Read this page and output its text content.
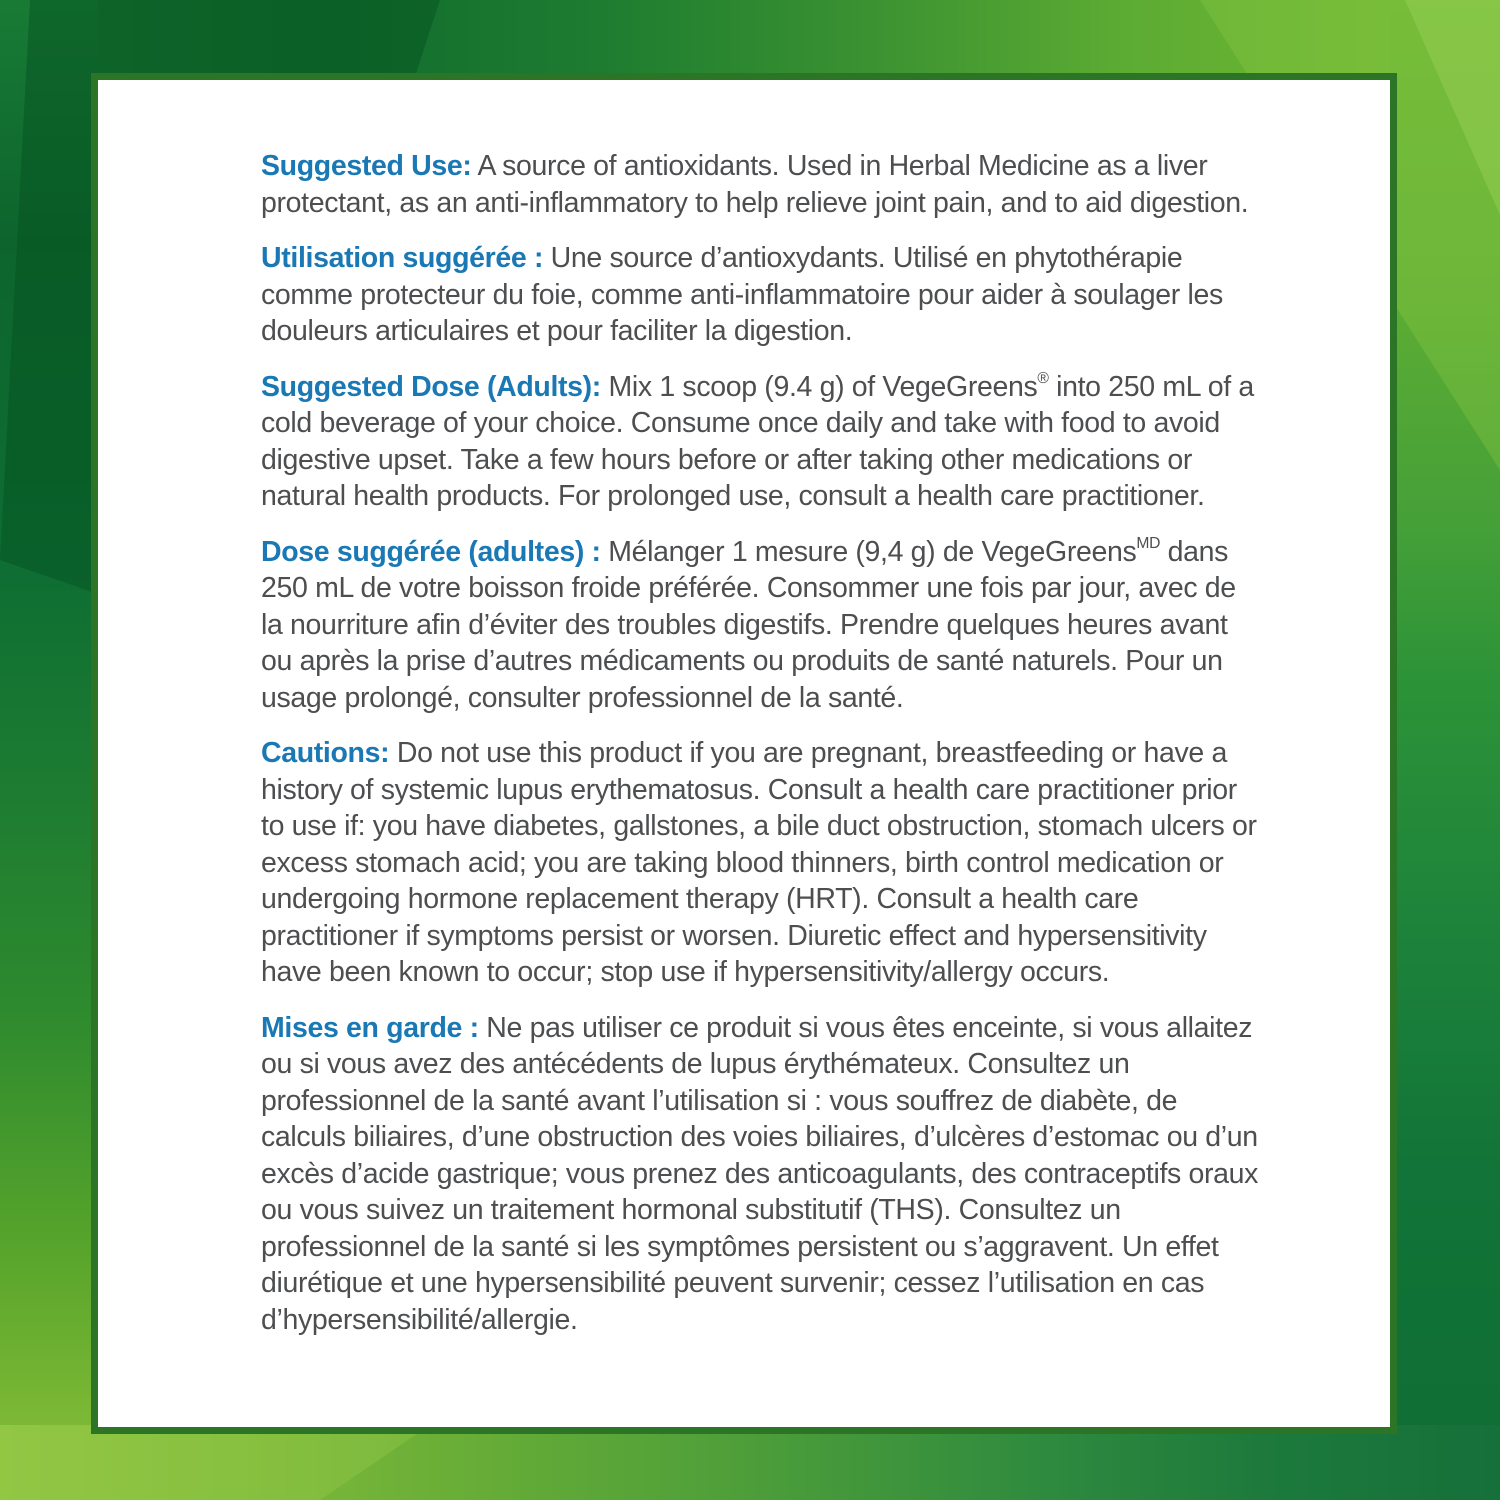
Suggested Use: A source of antioxidants. Used in Herbal Medicine as a liver protectant, as an anti-inflammatory to help relieve joint pain, and to aid digestion.

Utilisation suggérée : Une source d’antioxydants. Utilisé en phytothérapie comme protecteur du foie, comme anti-inflammatoire pour aider à soulager les douleurs articulaires et pour faciliter la digestion.

Suggested Dose (Adults): Mix 1 scoop (9.4 g) of VegeGreens® into 250 mL of a cold beverage of your choice. Consume once daily and take with food to avoid digestive upset. Take a few hours before or after taking other medications or natural health products. For prolonged use, consult a health care practitioner.

Dose suggérée (adultes) : Mélanger 1 mesure (9,4 g) de VegeGreens$^{MD}$ dans 250 mL de votre boisson froide préférée. Consommer une fois par jour, avec de la nourriture afin d’éviter des troubles digestifs. Prendre quelques heures avant ou après la prise d’autres médicaments ou produits de santé naturels. Pour un usage prolongé, consulter professionnel de la santé.

Cautions: Do not use this product if you are pregnant, breastfeeding or have a history of systemic lupus erythematosus. Consult a health care practitioner prior to use if: you have diabetes, gallstones, a bile duct obstruction, stomach ulcers or excess stomach acid; you are taking blood thinners, birth control medication or undergoing hormone replacement therapy (HRT). Consult a health care practitioner if symptoms persist or worsen. Diuretic effect and hypersensitivity have been known to occur; stop use if hypersensitivity/allergy occurs.

Mises en garde : Ne pas utiliser ce produit si vous êtes enceinte, si vous allaitez ou si vous avez des antécédents de lupus érythémateux. Consultez un professionnel de la santé avant l’utilisation si : vous souffrez de diabète, de calculs biliaires, d’une obstruction des voies biliaires, d’ulcères d’estomac ou d’un excès d’acide gastrique; vous prenez des anticoagulants, des contraceptifs oraux ou vous suivez un traitement hormonal substitutif (THS). Consultez un professionnel de la santé si les symptômes persistent ou s’aggravent. Un effet diurétique et une hypersensibilité peuvent survenir; cessez l’utilisation en cas d’hypersensibilité/allergie.
